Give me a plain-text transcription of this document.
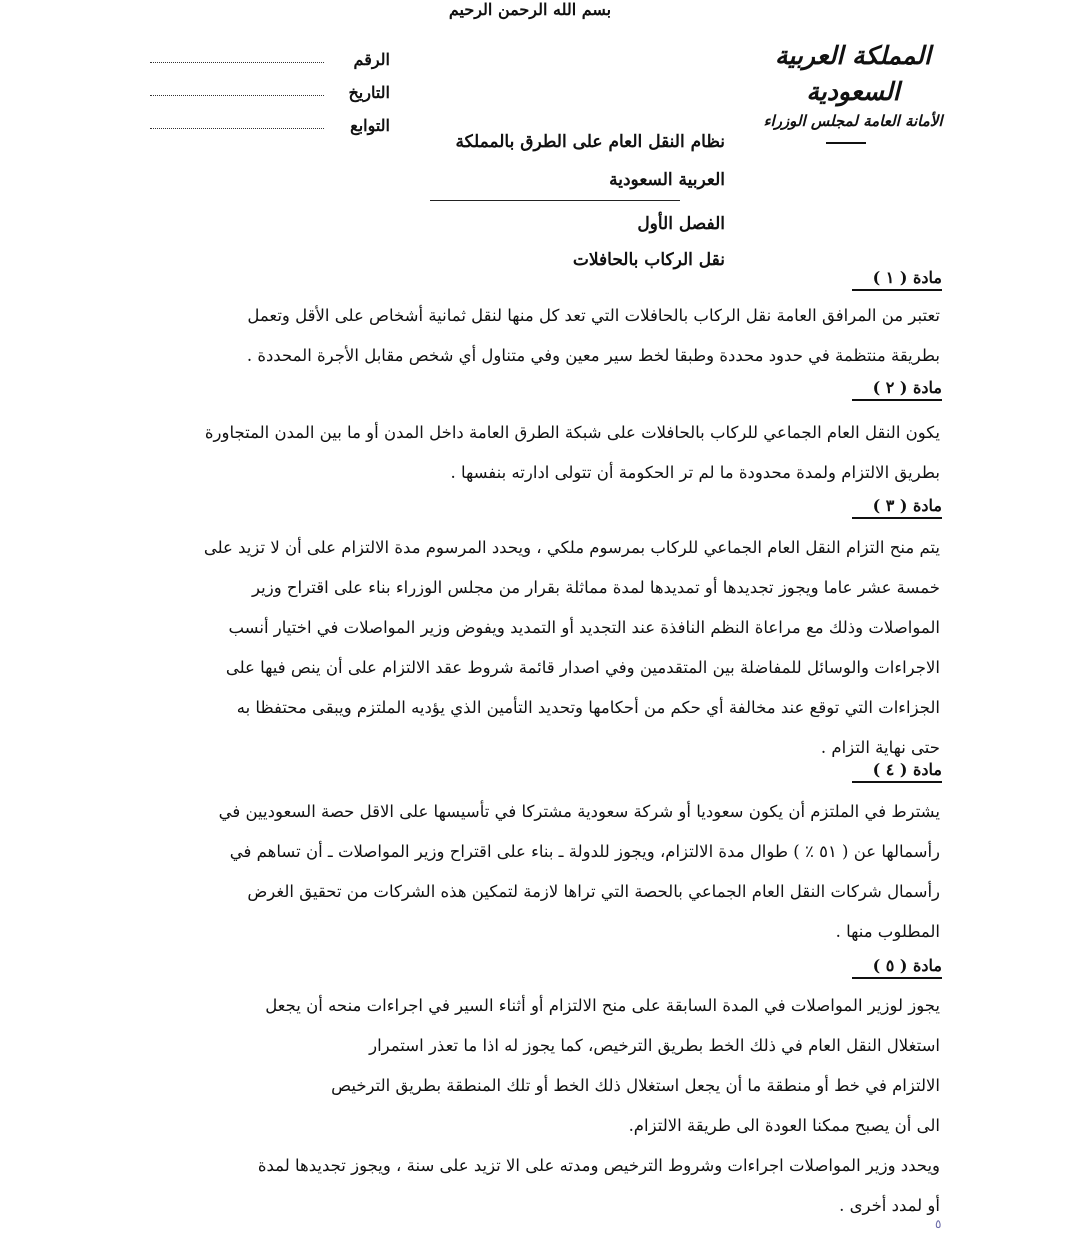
بسم الله الرحمن الرحيم
المملكة العربية السعودية
الأمانة العامة لمجلس الوزراء
الرقم
التاريخ
التوابع
نظام النقل العام على الطرق بالمملكة
العربية السعودية
الفصل الأول
نقل الركاب بالحافلات
مادة ( ١ )

تعتبر من المرافق العامة نقل الركاب بالحافلات التي تعد كل منها لنقل ثمانية أشخاص على الأقل وتعمل

بطريقة منتظمة في حدود محددة وطبقا لخط سير معين وفي متناول أي شخص مقابل الأجرة المحددة .

مادة ( ٢ )

يكون النقل العام الجماعي للركاب بالحافلات على شبكة الطرق العامة داخل المدن أو ما بين المدن المتجاورة

بطريق الالتزام ولمدة محدودة ما لم تر الحكومة أن تتولى ادارته بنفسها .

مادة ( ٣ )

يتم منح التزام النقل العام الجماعي للركاب بمرسوم ملكي ، ويحدد المرسوم مدة الالتزام على أن لا تزيد على

خمسة عشر عاما ويجوز تجديدها أو تمديدها لمدة مماثلة بقرار من مجلس الوزراء بناء على اقتراح وزير

المواصلات وذلك مع مراعاة النظم النافذة عند التجديد أو التمديد ويفوض وزير المواصلات في اختيار أنسب

الاجراءات والوسائل للمفاضلة بين المتقدمين وفي اصدار قائمة شروط عقد الالتزام على أن ينص فيها على

الجزاءات التي توقع عند مخالفة أي حكم من أحكامها وتحديد التأمين الذي يؤديه الملتزم ويبقى محتفظا به

حتى نهاية التزام .

مادة ( ٤ )

يشترط في الملتزم أن يكون سعوديا أو شركة سعودية مشتركا في تأسيسها على الاقل حصة السعوديين في

رأسمالها عن ( ٥١ ٪ ) طوال مدة الالتزام، ويجوز للدولة ـ بناء على اقتراح وزير المواصلات ـ أن تساهم في

رأسمال شركات النقل العام الجماعي بالحصة التي تراها لازمة لتمكين هذه الشركات من تحقيق الغرض

المطلوب منها .

مادة ( ٥ )

يجوز لوزير المواصلات في المدة السابقة على منح الالتزام أو أثناء السير في اجراءات منحه أن يجعل

استغلال النقل العام في ذلك الخط بطريق الترخيص، كما يجوز له اذا ما تعذر استمرار

الالتزام في خط أو منطقة ما أن يجعل استغلال ذلك الخط أو تلك المنطقة بطريق الترخيص

الى أن يصبح ممكنا العودة الى طريقة الالتزام.

ويحدد وزير المواصلات اجراءات وشروط الترخيص ومدته على الا تزيد على سنة ، ويجوز تجديدها لمدة

أو لمدد أخرى .

٥
